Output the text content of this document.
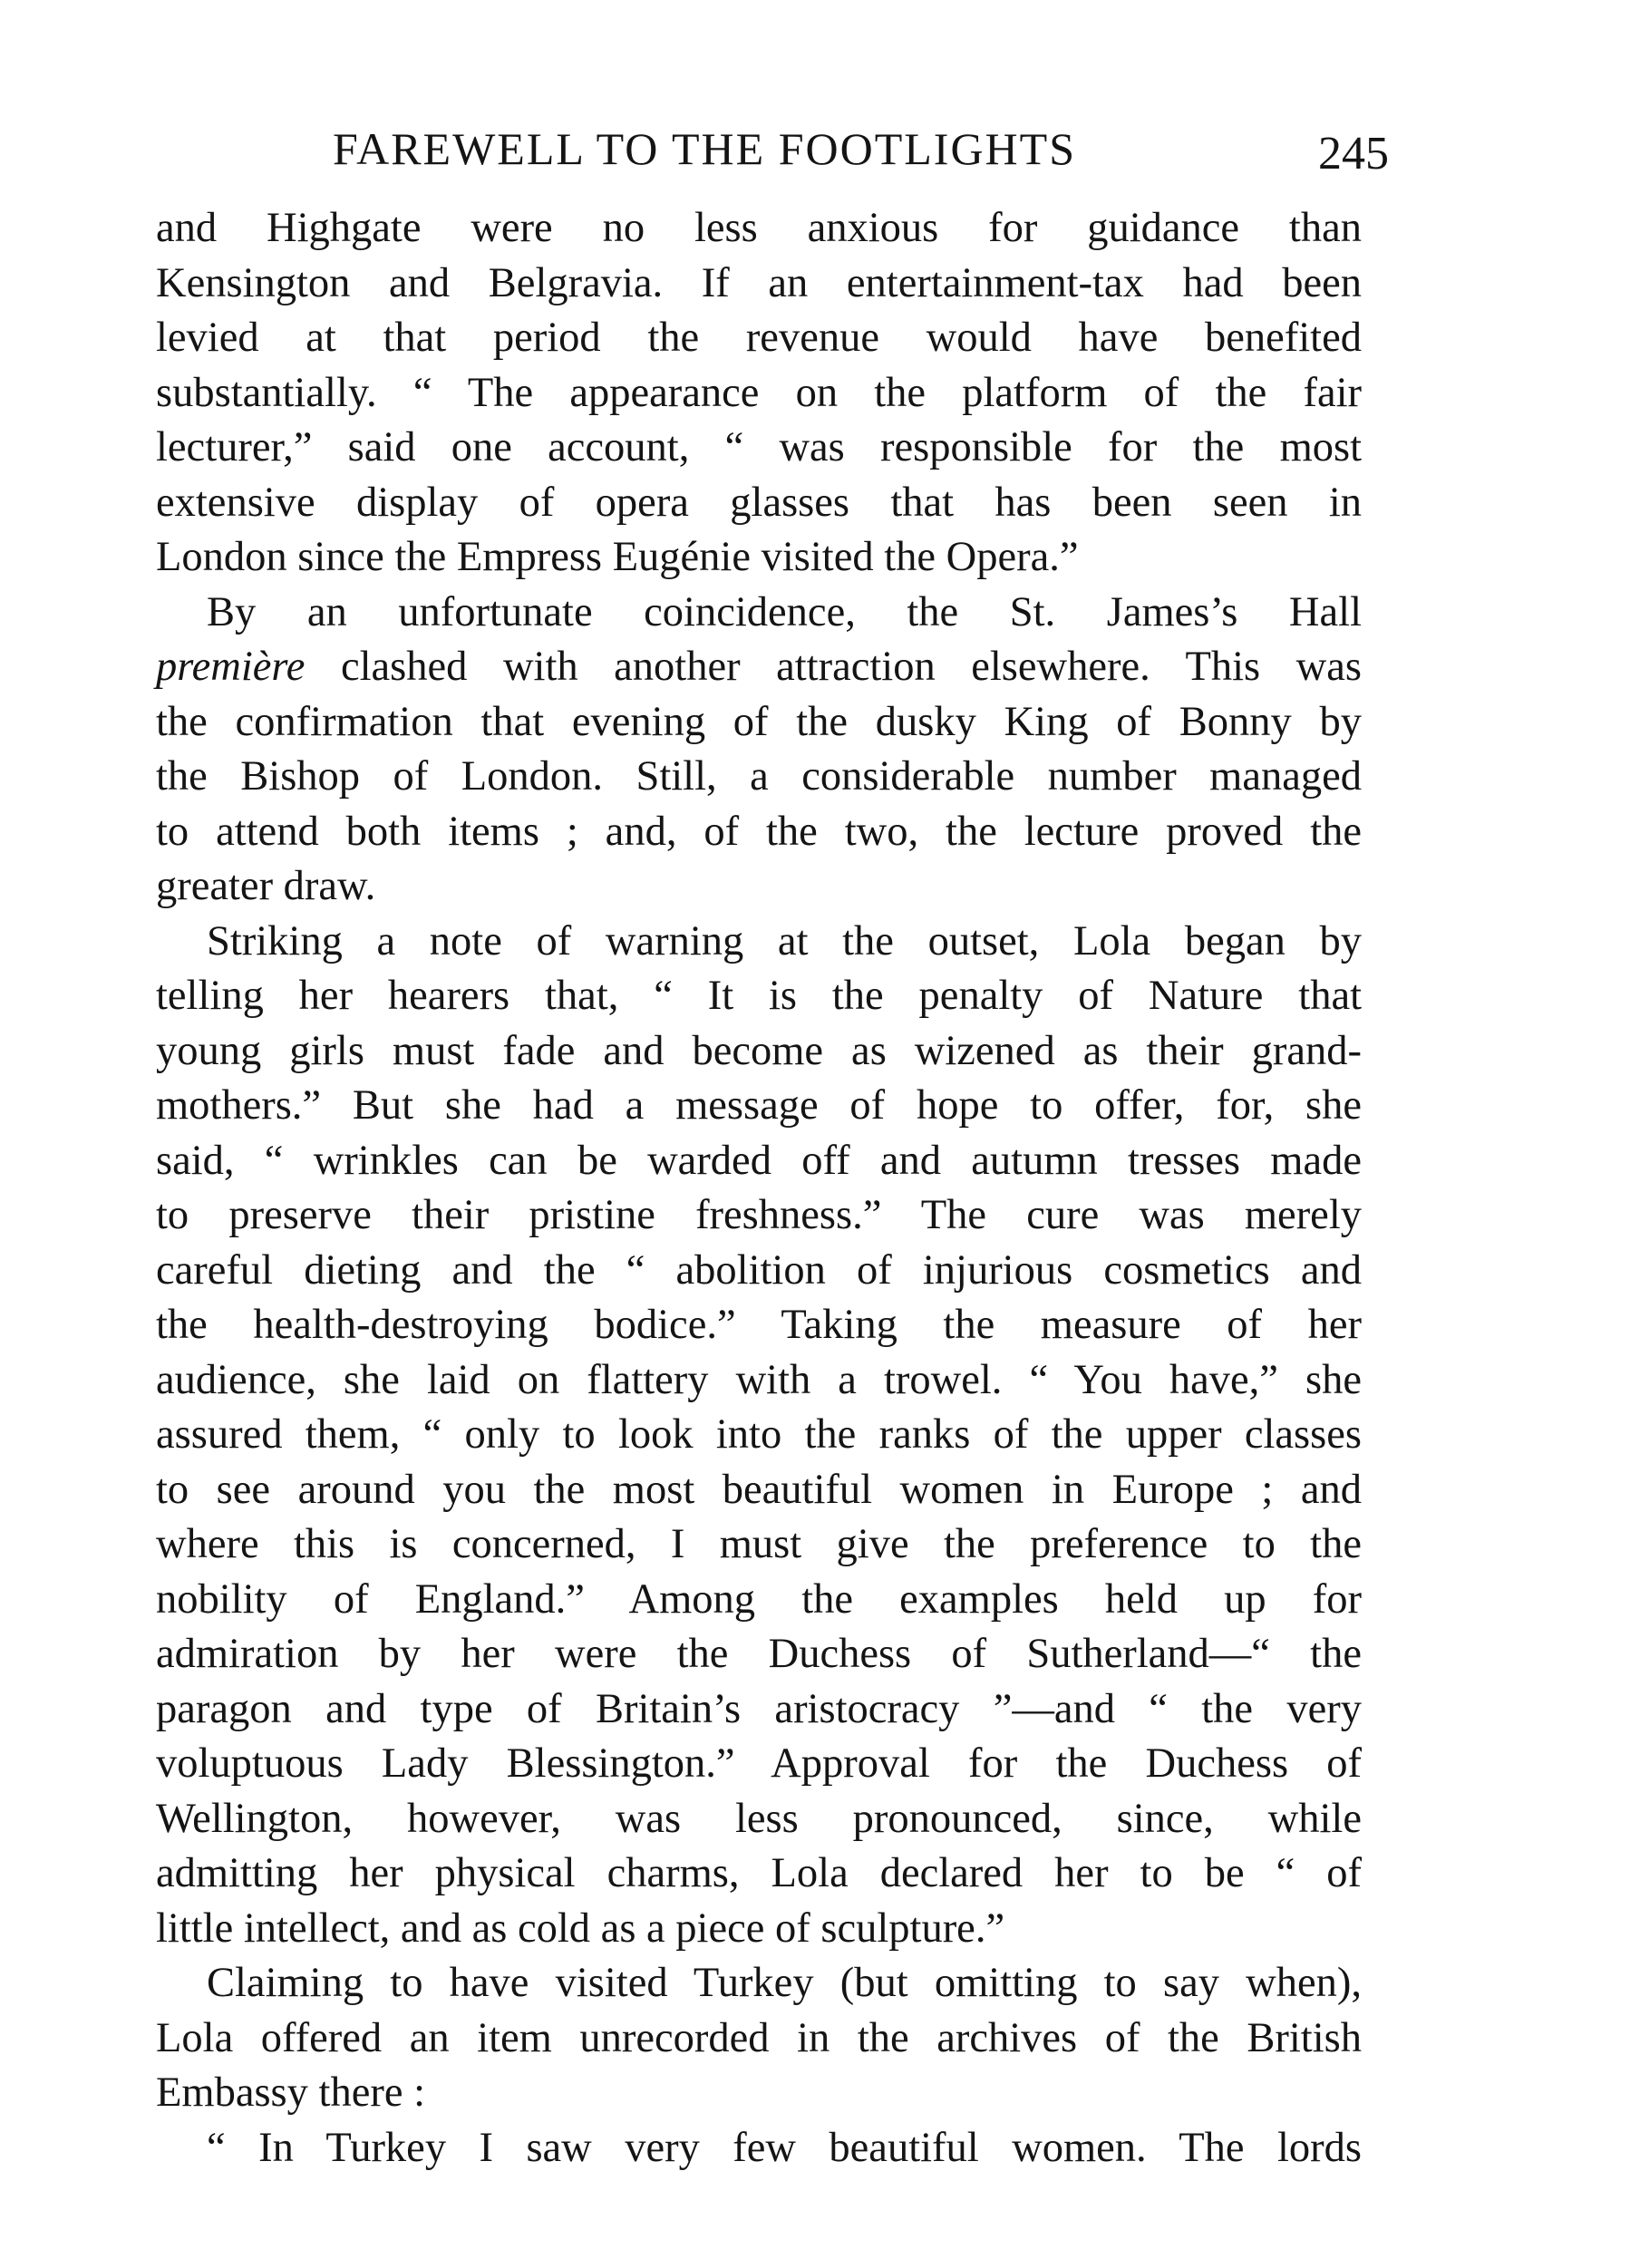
FAREWELL TO THE FOOTLIGHTS	245
and Highgate were no less anxious for guidance than
Kensington and Belgravia. If an entertainment-tax had been
levied at that period the revenue would have benefited
substantially. “ The appearance on the platform of the fair
lecturer,” said one account, “ was responsible for the most
extensive display of opera glasses that has been seen in
London since the Empress Eugénie visited the Opera.”
By an unfortunate coincidence, the St. James’s Hall
première clashed with another attraction elsewhere. This was
the confirmation that evening of the dusky King of Bonny by
the Bishop of London. Still, a considerable number managed
to attend both items ; and, of the two, the lecture proved the
greater draw.
Striking a note of warning at the outset, Lola began by
telling her hearers that, “ It is the penalty of Nature that
young girls must fade and become as wizened as their grand-
mothers.” But she had a message of hope to offer, for, she
said, “ wrinkles can be warded off and autumn tresses made
to preserve their pristine freshness.” The cure was merely
careful dieting and the “ abolition of injurious cosmetics and
the health-destroying bodice.” Taking the measure of her
audience, she laid on flattery with a trowel. “ You have,” she
assured them, “ only to look into the ranks of the upper classes
to see around you the most beautiful women in Europe ; and
where this is concerned, I must give the preference to the
nobility of England.” Among the examples held up for
admiration by her were the Duchess of Sutherland—“ the
paragon and type of Britain’s aristocracy ”—and “ the very
voluptuous Lady Blessington.” Approval for the Duchess of
Wellington, however, was less pronounced, since, while
admitting her physical charms, Lola declared her to be “ of
little intellect, and as cold as a piece of sculpture.”
Claiming to have visited Turkey (but omitting to say when),
Lola offered an item unrecorded in the archives of the British
Embassy there :
“ In Turkey I saw very few beautiful women. The lords
